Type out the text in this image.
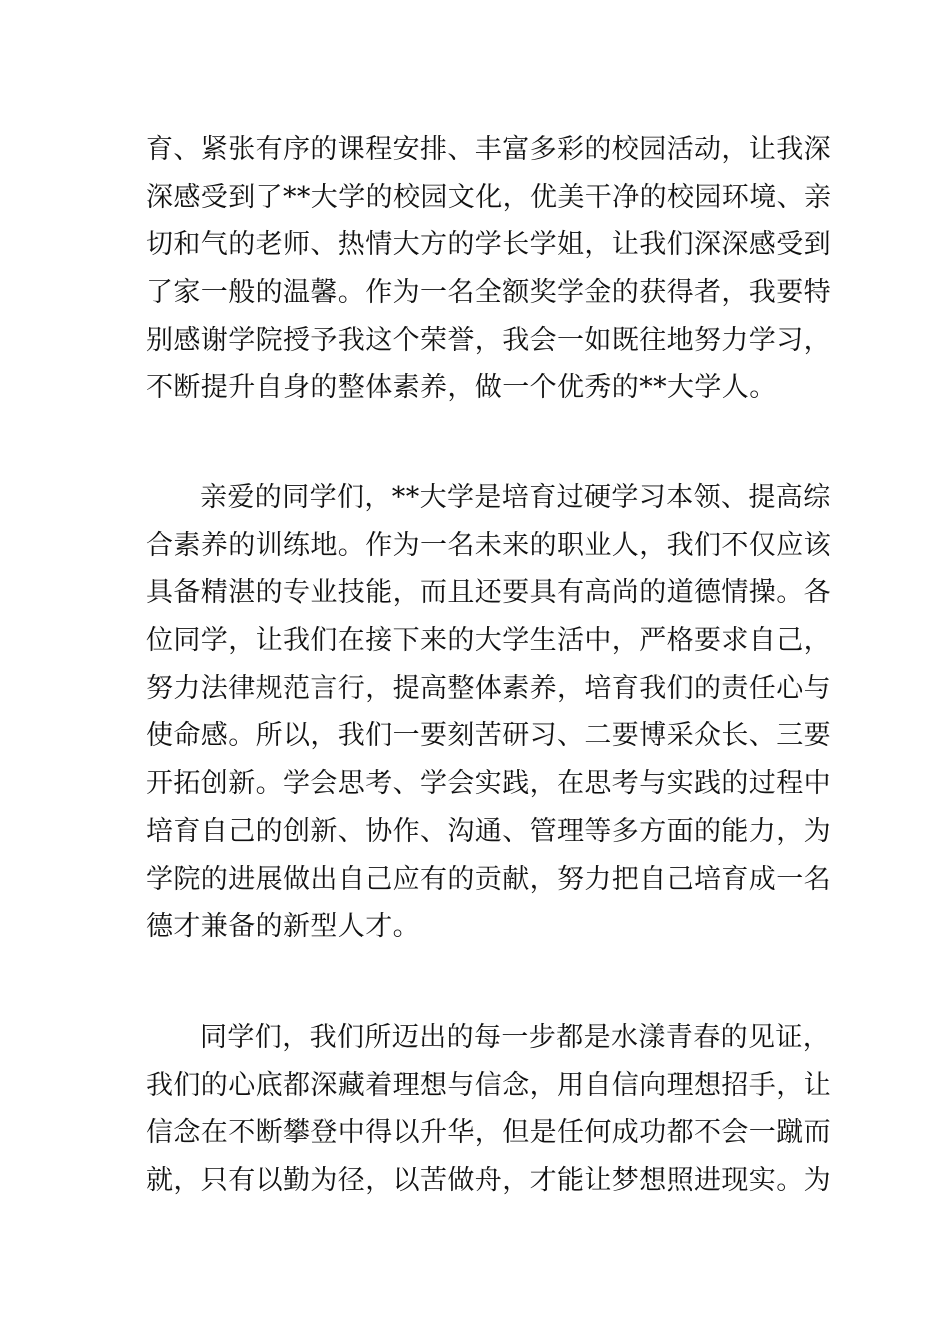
育、紧张有序的课程安排、丰富多彩的校园活动，让我深
深感受到了**大学的校园文化，优美干净的校园环境、亲
切和气的老师、热情大方的学长学姐，让我们深深感受到
了家一般的温馨。作为一名全额奖学金的获得者，我要特
别感谢学院授予我这个荣誉，我会一如既往地努力学习，
不断提升自身的整体素养，做一个优秀的**大学人。
亲爱的同学们，**大学是培育过硬学习本领、提高综
合素养的训练地。作为一名未来的职业人，我们不仅应该
具备精湛的专业技能，而且还要具有高尚的道德情操。各
位同学，让我们在接下来的大学生活中，严格要求自己，
努力法律规范言行，提高整体素养，培育我们的责任心与
使命感。所以，我们一要刻苦研习、二要博采众长、三要
开拓创新。学会思考、学会实践，在思考与实践的过程中
培育自己的创新、协作、沟通、管理等多方面的能力，为
学院的进展做出自己应有的贡献，努力把自己培育成一名
德才兼备的新型人才。
同学们，我们所迈出的每一步都是水漾青春的见证，
我们的心底都深藏着理想与信念，用自信向理想招手，让
信念在不断攀登中得以升华，但是任何成功都不会一蹴而
就，只有以勤为径，以苦做舟，才能让梦想照进现实。为
